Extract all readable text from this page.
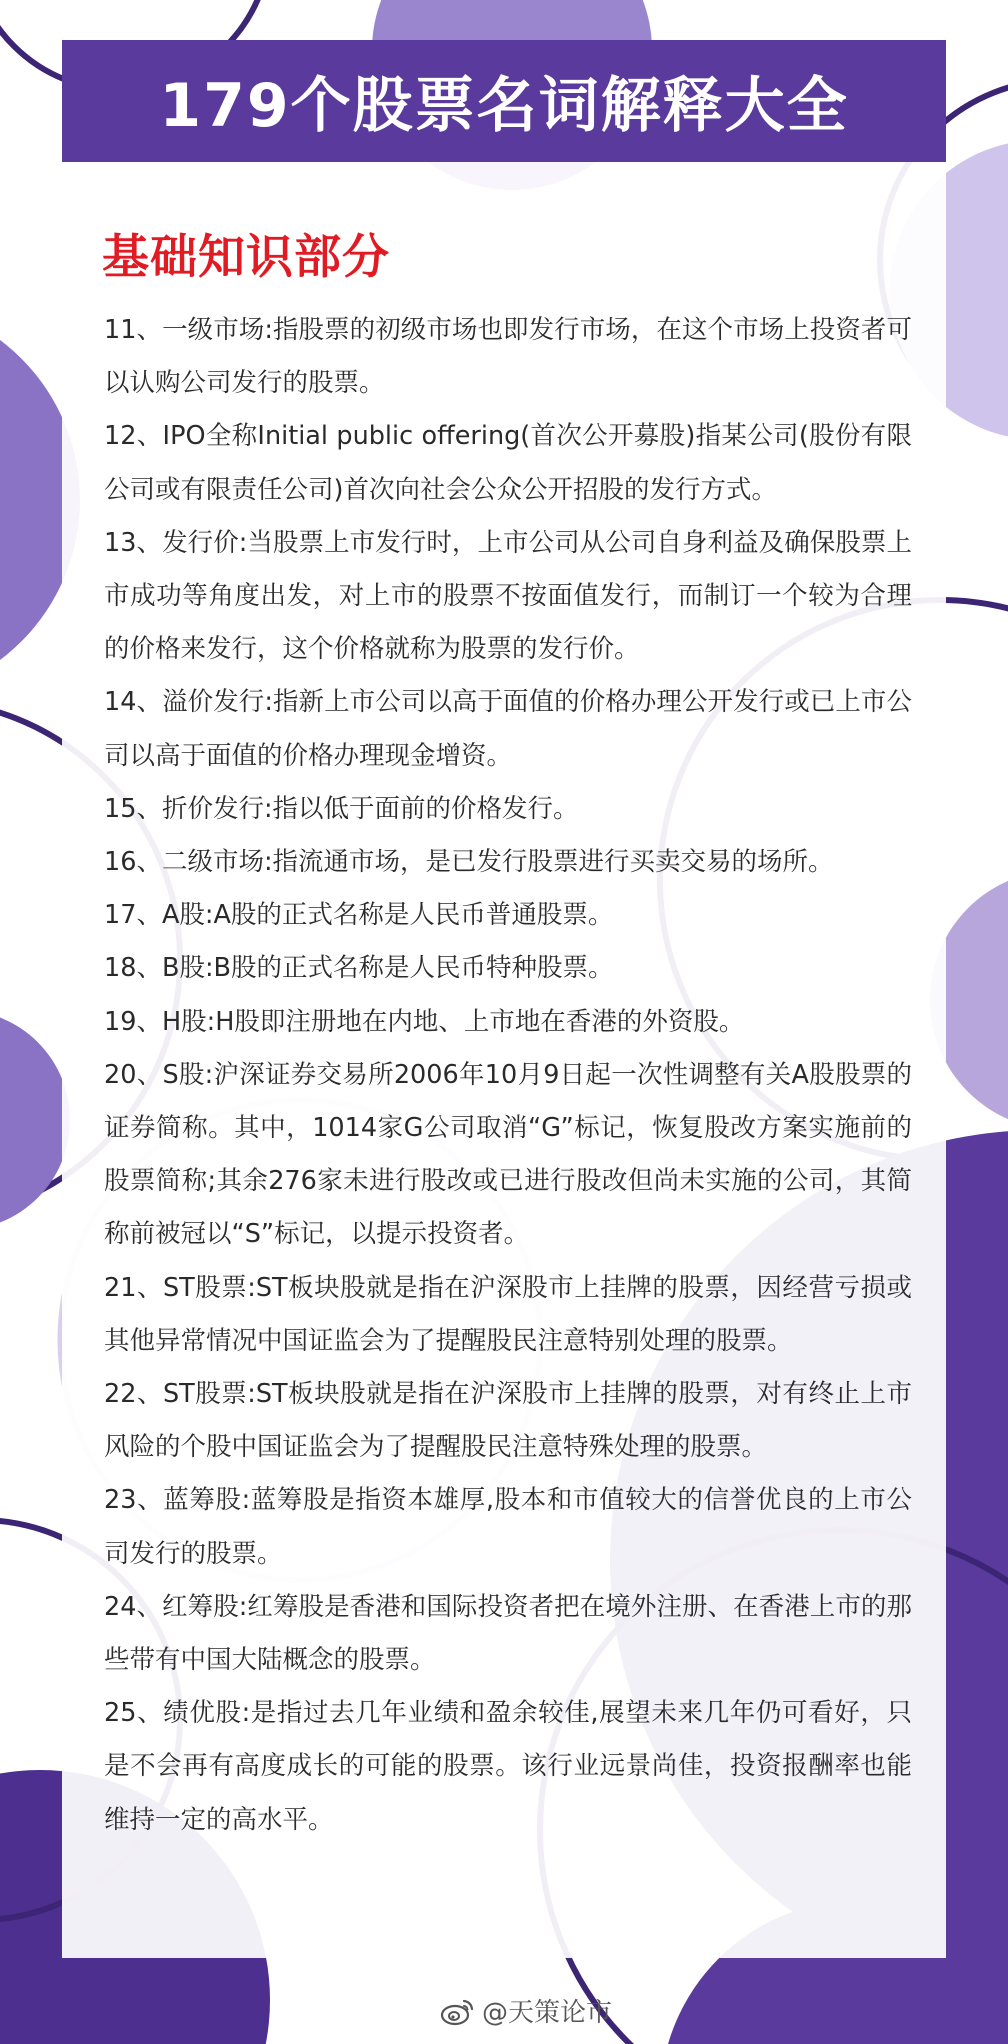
179个股票名词解释大全
基础知识部分

11、一级市场:指股票的初级市场也即发行市场，在这个市场上投资者可以认购公司发行的股票。

12、IPO全称Initial public offering(首次公开募股)指某公司(股份有限公司或有限责任公司)首次向社会公众公开招股的发行方式。

13、发行价:当股票上市发行时，上市公司从公司自身利益及确保股票上市成功等角度出发，对上市的股票不按面值发行，而制订一个较为合理的价格来发行，这个价格就称为股票的发行价。

14、溢价发行:指新上市公司以高于面值的价格办理公开发行或已上市公司以高于面值的价格办理现金增资。

15、折价发行:指以低于面前的价格发行。

16、二级市场:指流通市场，是已发行股票进行买卖交易的场所。

17、A股:A股的正式名称是人民币普通股票。

18、B股:B股的正式名称是人民币特种股票。

19、H股:H股即注册地在内地、上市地在香港的外资股。

20、S股:沪深证券交易所2006年10月9日起一次性调整有关A股股票的证券简称。其中，1014家G公司取消“G”标记，恢复股改方案实施前的股票简称;其余276家未进行股改或已进行股改但尚未实施的公司，其简称前被冠以“S”标记，以提示投资者。

21、ST股票:ST板块股就是指在沪深股市上挂牌的股票，因经营亏损或其他异常情况中国证监会为了提醒股民注意特别处理的股票。

22、ST股票:ST板块股就是指在沪深股市上挂牌的股票，对有终止上市风险的个股中国证监会为了提醒股民注意特殊处理的股票。

23、蓝筹股:蓝筹股是指资本雄厚,股本和市值较大的信誉优良的上市公司发行的股票。

24、红筹股:红筹股是香港和国际投资者把在境外注册、在香港上市的那些带有中国大陆概念的股票。

25、绩优股:是指过去几年业绩和盈余较佳,展望未来几年仍可看好，只是不会再有高度成长的可能的股票。该行业远景尚佳，投资报酬率也能维持一定的高水平。

@天策论市
